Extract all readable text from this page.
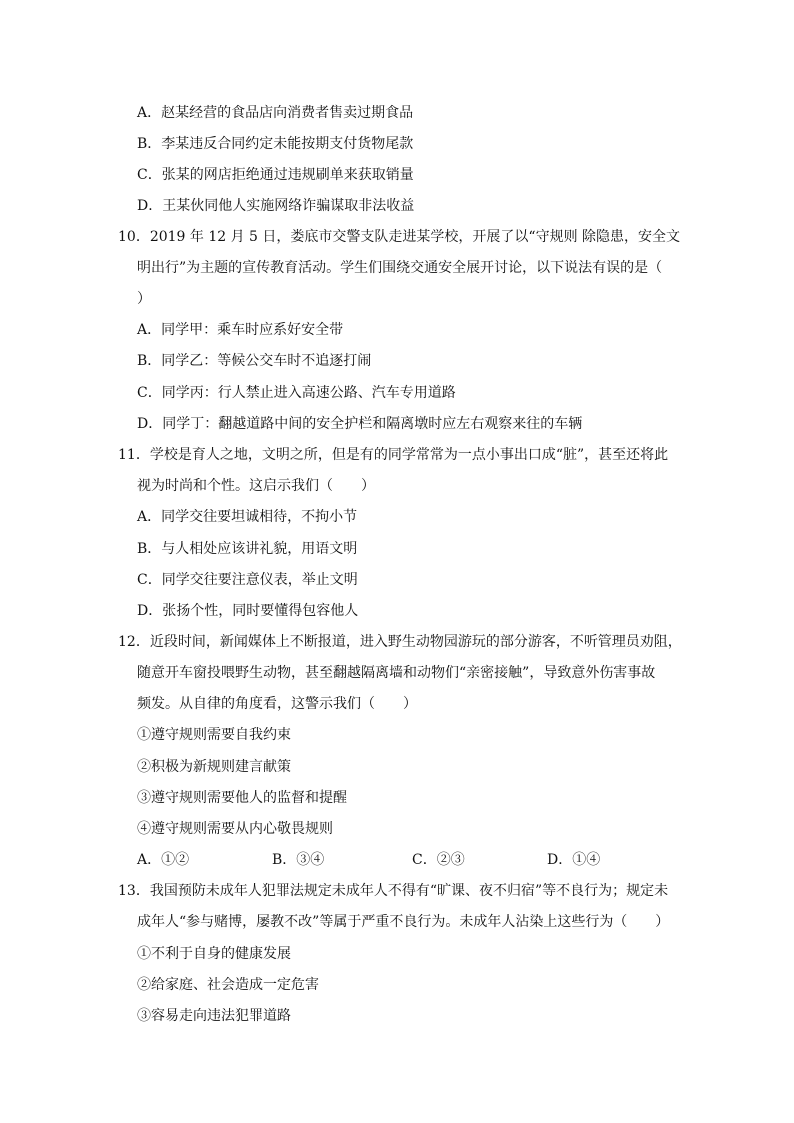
A．赵某经营的食品店向消费者售卖过期食品
B．李某违反合同约定未能按期支付货物尾款
C．张某的网店拒绝通过违规刷单来获取销量
D．王某伙同他人实施网络诈骗谋取非法收益
10．2019 年 12 月 5 日，娄底市交警支队走进某学校，开展了以“守规则 除隐患，安全文
明出行”为主题的宣传教育活动。学生们围绕交通安全展开讨论，以下说法有误的是（
）
A．同学甲：乘车时应系好安全带
B．同学乙：等候公交车时不追逐打闹
C．同学丙：行人禁止进入高速公路、汽车专用道路
D．同学丁：翻越道路中间的安全护栏和隔离墩时应左右观察来往的车辆
11．学校是育人之地，文明之所，但是有的同学常常为一点小事出口成“脏”，甚至还将此
视为时尚和个性。这启示我们（　　）
A．同学交往要坦诚相待，不拘小节
B．与人相处应该讲礼貌，用语文明
C．同学交往要注意仪表，举止文明
D．张扬个性，同时要懂得包容他人
12．近段时间，新闻媒体上不断报道，进入野生动物园游玩的部分游客，不听管理员劝阻，
随意开车窗投喂野生动物，甚至翻越隔离墙和动物们“亲密接触”，导致意外伤害事故
频发。从自律的角度看，这警示我们（　　）
①遵守规则需要自我约束
②积极为新规则建言献策
③遵守规则需要他人的监督和提醒
④遵守规则需要从内心敬畏规则
A．①②	B．③④	C．②③	D．①④
13．我国预防未成年人犯罪法规定未成年人不得有“旷课、夜不归宿”等不良行为；规定未
成年人“参与赌博，屡教不改”等属于严重不良行为。未成年人沾染上这些行为（　　）
①不利于自身的健康发展
②给家庭、社会造成一定危害
③容易走向违法犯罪道路
